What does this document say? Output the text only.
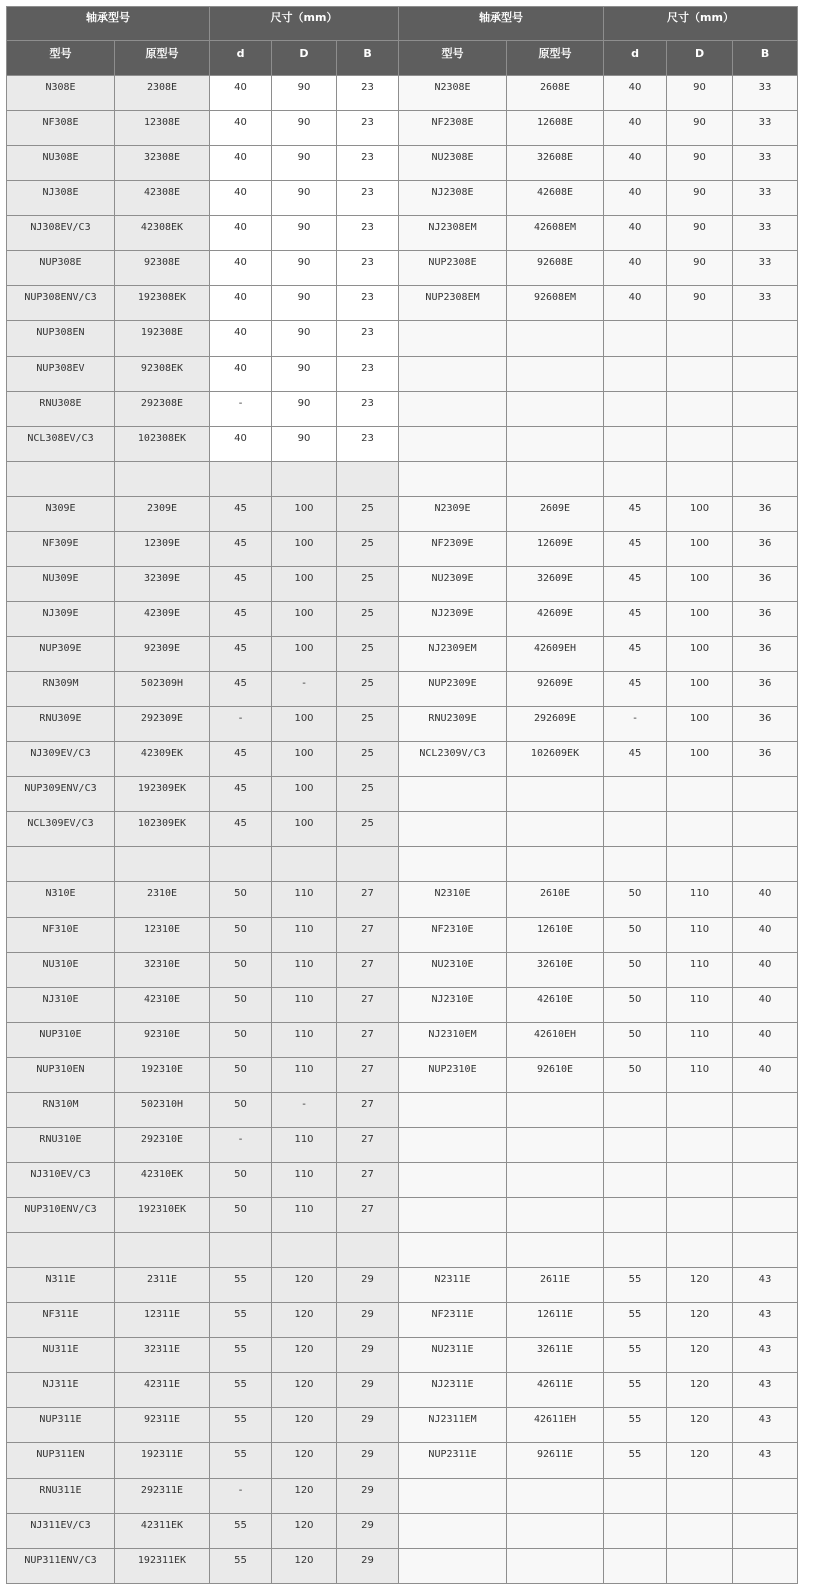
轴承型号		尺寸（mm）			轴承型号		尺寸（mm）		
型号	原型号	d	D	B	型号	原型号	d	D	B
N308E	2308E	40	90	23	N2308E	2608E	40	90	33
NF308E	12308E	40	90	23	NF2308E	12608E	40	90	33
NU308E	32308E	40	90	23	NU2308E	32608E	40	90	33
NJ308E	42308E	40	90	23	NJ2308E	42608E	40	90	33
NJ308EV/C3	42308EK	40	90	23	NJ2308EM	42608EM	40	90	33
NUP308E	92308E	40	90	23	NUP2308E	92608E	40	90	33
NUP308ENV/C3	192308EK	40	90	23	NUP2308EM	92608EM	40	90	33
NUP308EN	192308E	40	90	23					
NUP308EV	92308EK	40	90	23					
RNU308E	292308E	-	90	23					
NCL308EV/C3	102308EK	40	90	23					

N309E	2309E	45	100	25	N2309E	2609E	45	100	36
NF309E	12309E	45	100	25	NF2309E	12609E	45	100	36
NU309E	32309E	45	100	25	NU2309E	32609E	45	100	36
NJ309E	42309E	45	100	25	NJ2309E	42609E	45	100	36
NUP309E	92309E	45	100	25	NJ2309EM	42609EH	45	100	36
RN309M	502309H	45	-	25	NUP2309E	92609E	45	100	36
RNU309E	292309E	-	100	25	RNU2309E	292609E	-	100	36
NJ309EV/C3	42309EK	45	100	25	NCL2309V/C3	102609EK	45	100	36
NUP309ENV/C3	192309EK	45	100	25					
NCL309EV/C3	102309EK	45	100	25					

N310E	2310E	50	110	27	N2310E	2610E	50	110	40
NF310E	12310E	50	110	27	NF2310E	12610E	50	110	40
NU310E	32310E	50	110	27	NU2310E	32610E	50	110	40
NJ310E	42310E	50	110	27	NJ2310E	42610E	50	110	40
NUP310E	92310E	50	110	27	NJ2310EM	42610EH	50	110	40
NUP310EN	192310E	50	110	27	NUP2310E	92610E	50	110	40
RN310M	502310H	50	-	27					
RNU310E	292310E	-	110	27					
NJ310EV/C3	42310EK	50	110	27					
NUP310ENV/C3	192310EK	50	110	27					

N311E	2311E	55	120	29	N2311E	2611E	55	120	43
NF311E	12311E	55	120	29	NF2311E	12611E	55	120	43
NU311E	32311E	55	120	29	NU2311E	32611E	55	120	43
NJ311E	42311E	55	120	29	NJ2311E	42611E	55	120	43
NUP311E	92311E	55	120	29	NJ2311EM	42611EH	55	120	43
NUP311EN	192311E	55	120	29	NUP2311E	92611E	55	120	43
RNU311E	292311E	-	120	29					
NJ311EV/C3	42311EK	55	120	29					
NUP311ENV/C3	192311EK	55	120	29					
